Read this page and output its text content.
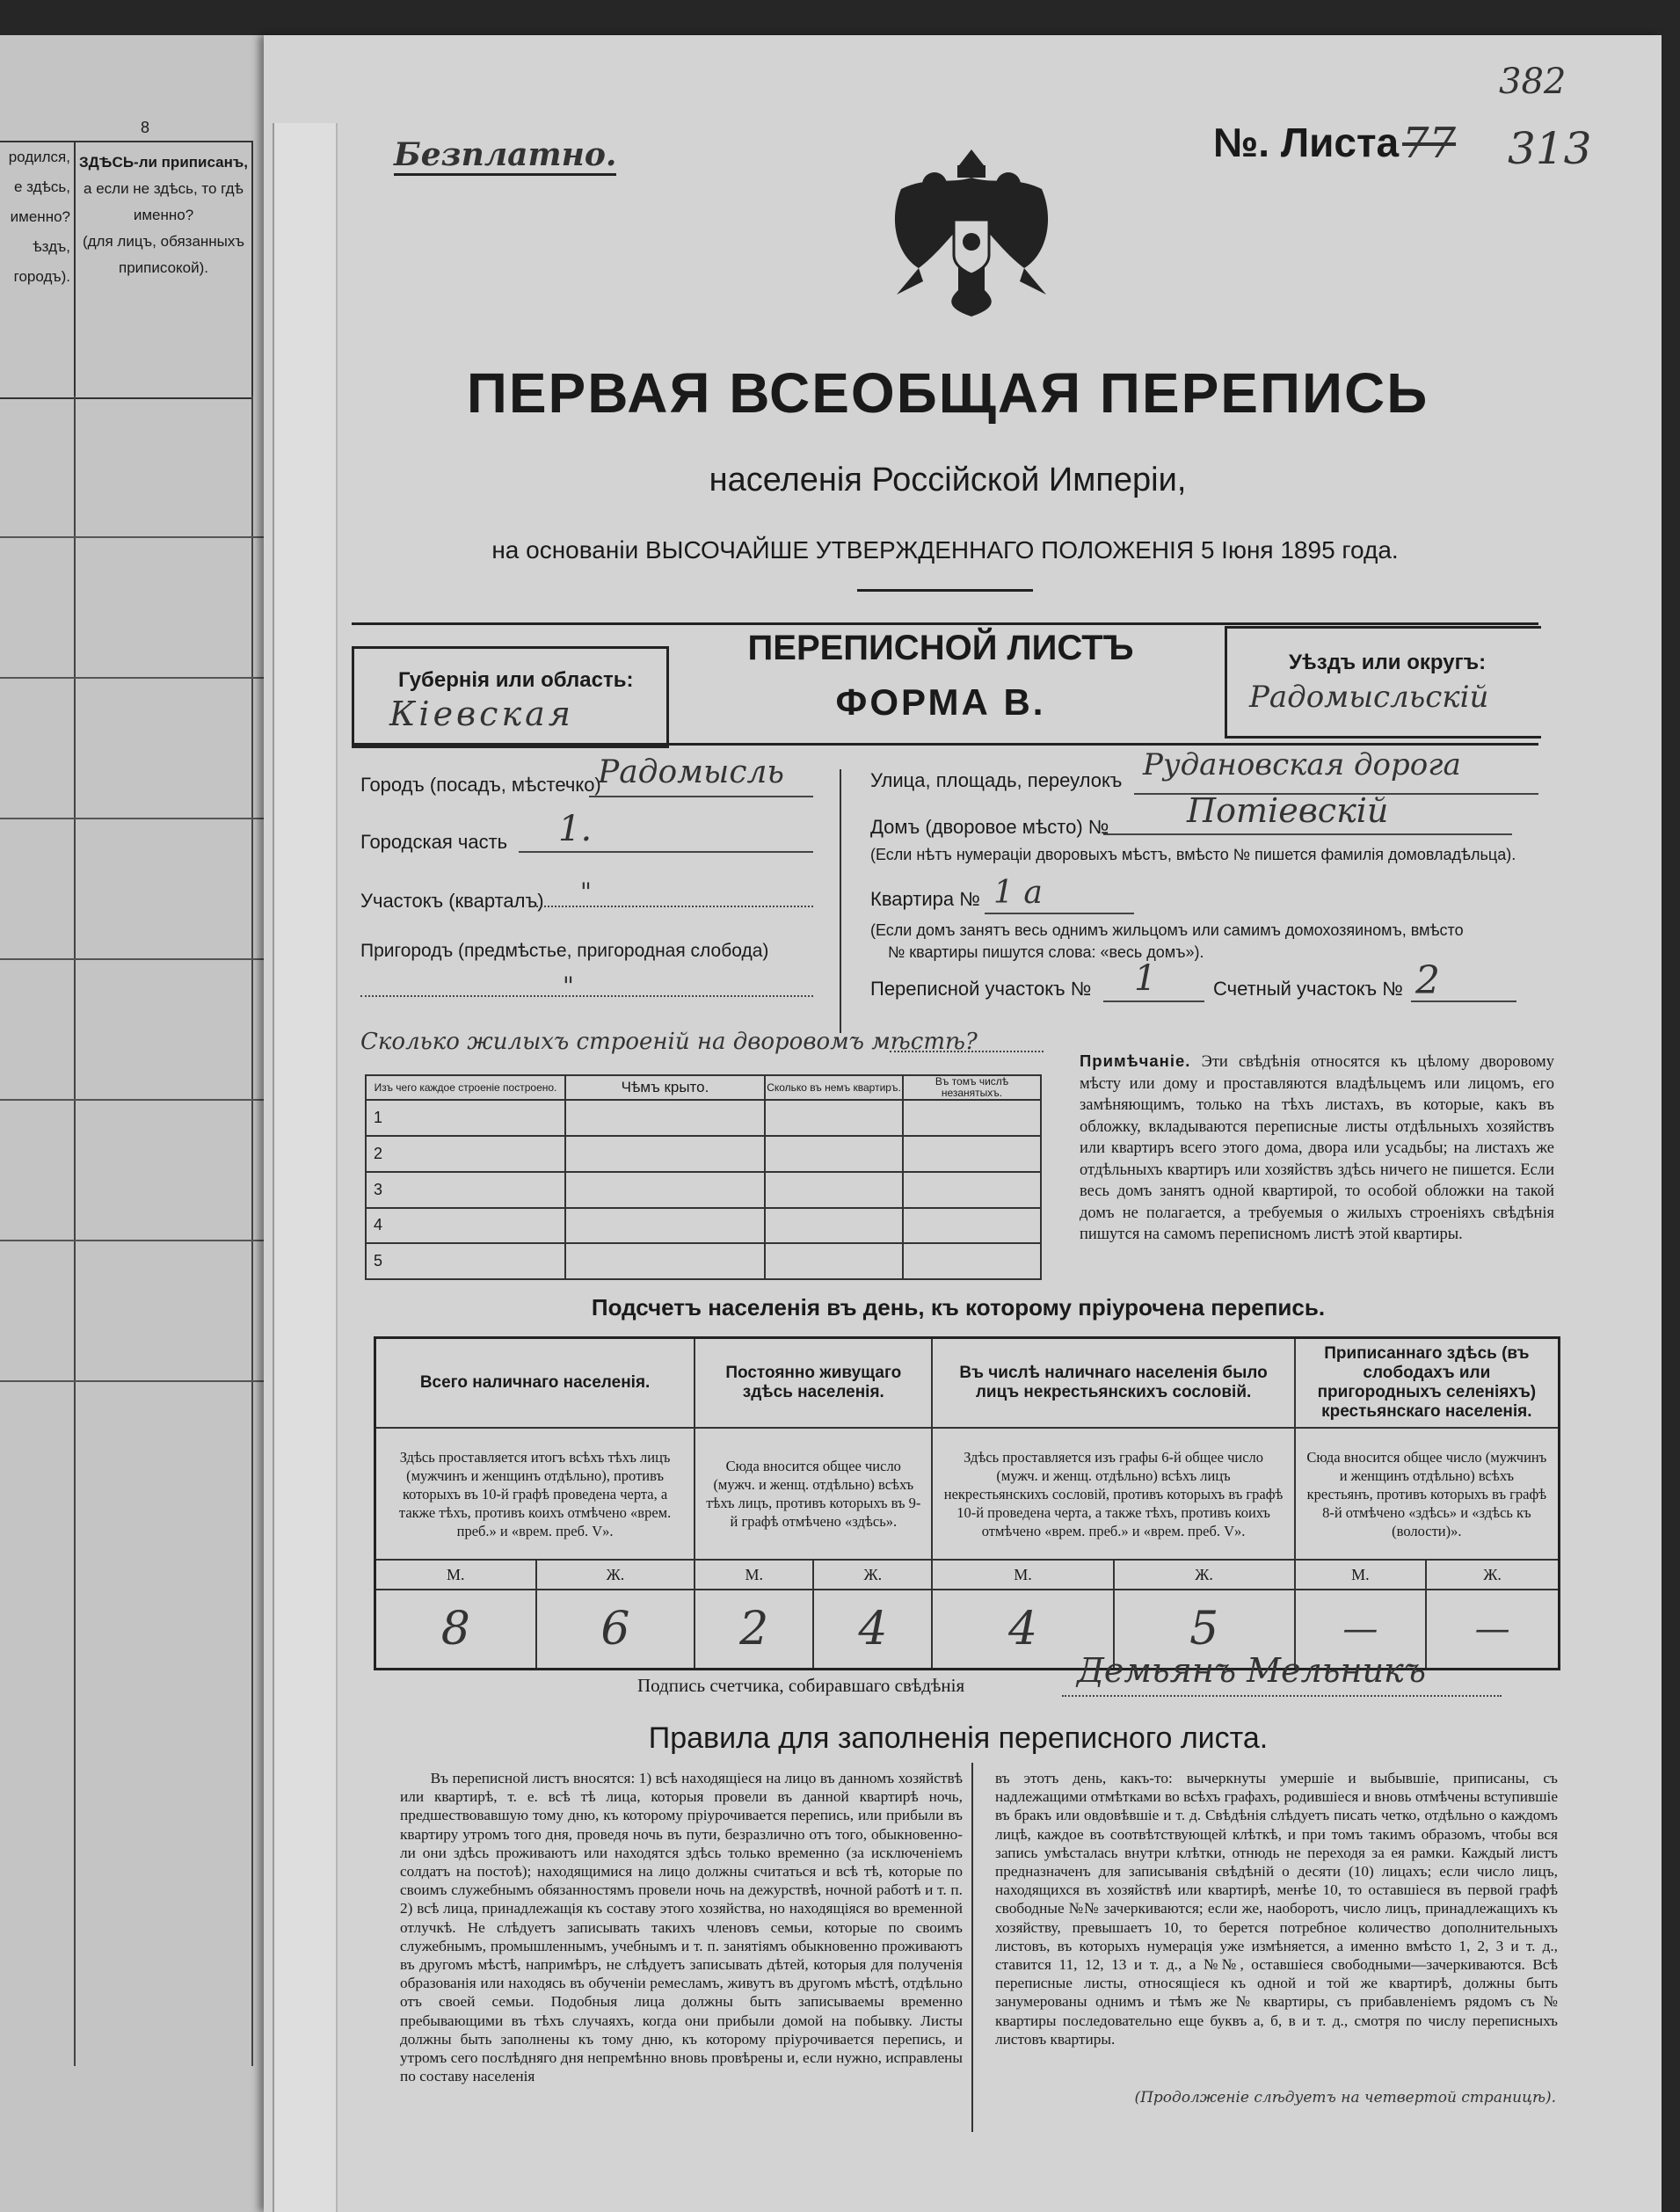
8
родился,
е здѣсь,
именно?
ѣздъ, городъ).
ЗДѢСЬ-ли приписанъ,
а если не здѣсь, то гдѣ
именно?
(для лицъ, обязанныхъ
приписокой).
Безплатно.	№. Листа 77
382
313
ПЕРВАЯ ВСЕОБЩАЯ ПЕРЕПИСЬ
населенія Россійской Имперіи,
на основаніи ВЫСОЧАЙШЕ УТВЕРЖДЕННАГО ПОЛОЖЕНІЯ 5 Іюня 1895 года.
Губернія или область:
Кіевская
ПЕРЕПИСНОЙ ЛИСТЪ
ФОРМА В.
Уѣздъ или округъ:
Радомысльскій
Городъ (посадъ, мѣстечко)
Радомысль
Городская часть 1.
Участокъ (кварталъ) "
Пригородъ (предмѣстье, пригородная слобода)
"
Улица, площадь, переулокъ Рудановская дорога
Домъ (дворовое мѣсто) № Потіевскій
(Если нѣтъ нумераціи дворовыхъ мѣстъ, вмѣсто № пишется фамилія домовладѣльца).
Квартира № 1 а
(Если домъ занятъ весь однимъ жильцомъ или самимъ домохозяиномъ, вмѣсто
№ квартиры пишутся слова: «весь домъ»).
Переписной участокъ № 1	Счетный участокъ № 2
Сколько жилыхъ строеній на дворовомъ мѣстѣ?
Изъ чего каждое строеніе построено.	Чѣмъ крыто.	Сколько въ немъ квартиръ.	Въ томъ числѣ незанятыхъ.
1			
2			
3			
4			
5			
Примѣчаніе. Эти свѣдѣнія относятся къ цѣлому дворовому мѣсту или дому и проставляются владѣльцемъ или лицомъ, его замѣняющимъ, только на тѣхъ листахъ, въ которые, какъ въ обложку, вкладываются переписные листы отдѣльныхъ хозяйствъ или квартиръ всего этого дома, двора или усадьбы; на листахъ же отдѣльныхъ квартиръ или хозяйствъ здѣсь ничего не пишется. Если весь домъ занятъ одной квартирой, то особой обложки на такой домъ не полагается, а требуемыя о жилыхъ строеніяхъ свѣдѣнія пишутся на самомъ переписномъ листѣ этой квартиры.
Подсчетъ населенія въ день, къ которому пріурочена перепись.
Всего наличнаго населенія.		Постоянно живущаго здѣсь населенія.		Въ числѣ наличнаго населенія было лицъ некрестьянскихъ сословій.		Приписаннаго здѣсь (въ слободахъ или пригородныхъ селеніяхъ) крестьянскаго населенія.	
Здѣсь проставляется итогъ всѣхъ тѣхъ лицъ (мужчинъ и женщинъ отдѣльно), противъ которыхъ въ 10-й графѣ проведена черта, а также тѣхъ, противъ коихъ отмѣчено «врем. преб.» и «врем. преб. V».		Сюда вносится общее число (мужч. и женщ. отдѣльно) всѣхъ тѣхъ лицъ, противъ которыхъ въ 9-й графѣ отмѣчено «здѣсь».		Здѣсь проставляется изъ графы 6-й общее число (мужч. и женщ. отдѣльно) всѣхъ лицъ некрестьянскихъ сословій, противъ которыхъ въ графѣ 10-й проведена черта, а также тѣхъ, противъ коихъ отмѣчено «врем. преб.» и «врем. преб. V».		Сюда вносится общее число (мужчинъ и женщинъ отдѣльно) всѣхъ крестьянъ, противъ которыхъ въ графѣ 8-й отмѣчено «здѣсь» и «здѣсь къ (волости)».	
М.	Ж.	М.	Ж.	М.	Ж.	М.	Ж.
8	6	2	4	4	5	—	—
Подпись счетчика, собиравшаго свѣдѣнія	Демьянъ Мельникъ
Правила для заполненія переписного листа.
Въ переписной листъ вносятся: 1) всѣ находящіеся на лицо въ данномъ хозяйствѣ или квартирѣ, т. е. всѣ тѣ лица, которыя провели въ данной квартирѣ ночь, предшествовавшую тому дню, къ которому пріурочивается перепись, или прибыли въ квартиру утромъ того дня, проведя ночь въ пути, безразлично отъ того, обыкновенно-ли они здѣсь проживаютъ или находятся здѣсь только временно (за исключеніемъ солдатъ на постоѣ); находящимися на лицо должны считаться и всѣ тѣ, которые по своимъ служебнымъ обязанностямъ провели ночь на дежурствѣ, ночной работѣ и т. п. 2) всѣ лица, принадлежащія къ составу этого хозяйства, но находящіяся во временной отлучкѣ. Не слѣдуетъ записывать такихъ членовъ семьи, которые по своимъ служебнымъ, промышленнымъ, учебнымъ и т. п. занятіямъ обыкновенно проживаютъ въ другомъ мѣстѣ, напримѣръ, не слѣдуетъ записывать дѣтей, которыя для полученія образованія или находясь въ обученіи ремесламъ, живутъ въ другомъ мѣстѣ, отдѣльно отъ своей семьи. Подобныя лица должны быть записываемы временно пребывающими въ тѣхъ случаяхъ, когда они прибыли домой на побывку. Листы должны быть заполнены къ тому дню, къ которому пріурочивается перепись, и утромъ сего послѣдняго дня непремѣнно вновь провѣрены и, если нужно, исправлены по составу населенія
въ этотъ день, какъ-то: вычеркнуты умершіе и выбывшіе, приписаны, съ надлежащими отмѣтками во всѣхъ графахъ, родившіеся и вновь отмѣчены вступившіе въ бракъ или овдовѣвшіе и т. д. Свѣдѣнія слѣдуетъ писать четко, отдѣльно о каждомъ лицѣ, каждое въ соотвѣтствующей клѣткѣ, и при томъ такимъ образомъ, чтобы вся запись умѣсталась внутри клѣтки, отнюдь не переходя за ея рамки. Каждый листъ предназначенъ для записыванія свѣдѣній о десяти (10) лицахъ; если число лицъ, находящихся въ хозяйствѣ или квартирѣ, менѣе 10, то оставшіеся въ первой графѣ свободные №№ зачеркиваются; если же, наоборотъ, число лицъ, принадлежащихъ къ хозяйству, превышаетъ 10, то берется потребное количество дополнительныхъ листовъ, въ которыхъ нумерація уже измѣняется, а именно вмѣсто 1, 2, 3 и т. д., ставится 11, 12, 13 и т. д., а №№, оставшіеся свободными—зачеркиваются. Всѣ переписные листы, относящіеся къ одной и той же квартирѣ, должны быть занумерованы однимъ и тѣмъ же № квартиры, съ прибавленіемъ рядомъ съ № квартиры последовательно еще буквъ а, б, в и т. д., смотря по числу переписныхъ листовъ квартиры.
(Продолженіе слѣдуетъ на четвертой страницѣ).
